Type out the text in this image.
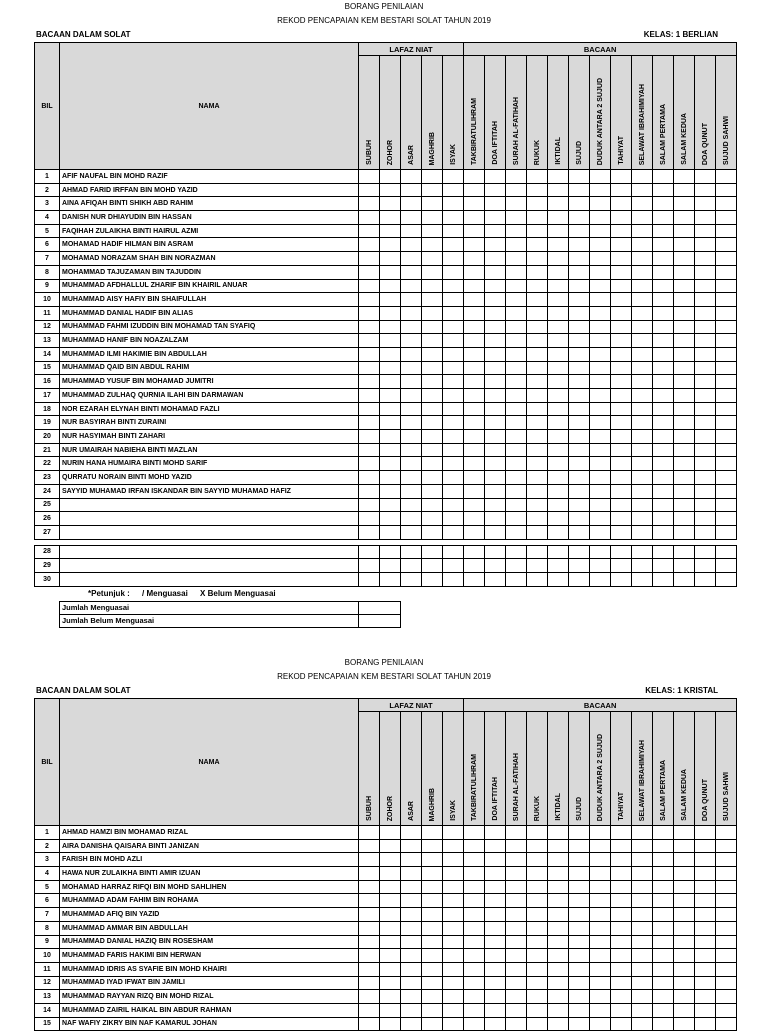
BORANG PENILAIAN
REKOD PENCAPAIAN KEM BESTARI SOLAT TAHUN 2019
BACAAN DALAM SOLAT	KELAS: 1 BERLIAN
BIL	NAMA	LAFAZ NIAT					BACAAN												
		SUBUH	ZOHOR	ASAR	MAGHRIB	ISYAK	TAKBIRATULIHRAM	DOA IFTITAH	SURAH AL-FATIHAH	RUKUK	IKTIDAL	SUJUD	DUDUK ANTARA 2 SUJUD	TAHIYAT	SELAWAT IBRAHIMIYAH	SALAM PERTAMA	SALAM KEDUA	DOA QUNUT	SUJUD SAHWI
1	AFIF NAUFAL BIN MOHD RAZIF																		
2	AHMAD FARID IRFFAN BIN MOHD YAZID																		
3	AINA AFIQAH BINTI SHIKH ABD RAHIM																		
4	DANISH NUR DHIAYUDIN BIN HASSAN																		
5	FAQIHAH ZULAIKHA BINTI HAIRUL AZMI																		
6	MOHAMAD HADIF HILMAN BIN ASRAM																		
7	MOHAMAD NORAZAM SHAH BIN NORAZMAN																		
8	MOHAMMAD TAJUZAMAN BIN TAJUDDIN																		
9	MUHAMMAD AFDHALLUL ZHARIF BIN KHAIRIL ANUAR																		
10	MUHAMMAD AISY HAFIY BIN SHAIFULLAH																		
11	MUHAMMAD DANIAL HADIF BIN ALIAS																		
12	MUHAMMAD FAHMI IZUDDIN BIN MOHAMAD TAN SYAFIQ																		
13	MUHAMMAD HANIF BIN NOAZALZAM																		
14	MUHAMMAD ILMI HAKIMIE BIN ABDULLAH																		
15	MUHAMMAD QAID BIN ABDUL RAHIM																		
16	MUHAMMAD YUSUF BIN MOHAMAD JUMITRI																		
17	MUHAMMAD ZULHAQ QURNIA ILAHI BIN DARMAWAN																		
18	NOR EZARAH ELYNAH BINTI MOHAMAD FAZLI																		
19	NUR BASYIRAH BINTI ZURAINI																		
20	NUR HASYIMAH BINTI ZAHARI																		
21	NUR UMAIRAH NABIEHA BINTI MAZLAN																		
22	NURIN HANA HUMAIRA BINTI MOHD SARIF																		
23	QURRATU NORAIN BINTI MOHD YAZID																		
24	SAYYID MUHAMAD IRFAN ISKANDAR BIN SAYYID MUHAMAD HAFIZ																		
25																			
26																			
27																			

28																			
29																			
30																			
*Petunjuk : / Menguasai X Belum Menguasai
Jumlah Menguasai	
Jumlah Belum Menguasai	
BORANG PENILAIAN
REKOD PENCAPAIAN KEM BESTARI SOLAT TAHUN 2019
BACAAN DALAM SOLAT	KELAS: 1 KRISTAL
BIL	NAMA	LAFAZ NIAT					BACAAN												
		SUBUH	ZOHOR	ASAR	MAGHRIB	ISYAK	TAKBIRATULIHRAM	DOA IFTITAH	SURAH AL-FATIHAH	RUKUK	IKTIDAL	SUJUD	DUDUK ANTARA 2 SUJUD	TAHIYAT	SELAWAT IBRAHIMIYAH	SALAM PERTAMA	SALAM KEDUA	DOA QUNUT	SUJUD SAHWI
1	AHMAD HAMZI BIN MOHAMAD RIZAL																		
2	AIRA DANISHA QAISARA BINTI JANIZAN																		
3	FARISH BIN MOHD AZLI																		
4	HAWA NUR ZULAIKHA BINTI AMIR IZUAN																		
5	MOHAMAD HARRAZ RIFQI BIN MOHD SAHLIHEN																		
6	MUHAMMAD ADAM FAHIM BIN ROHAMA																		
7	MUHAMMAD AFIQ BIN YAZID																		
8	MUHAMMAD AMMAR BIN ABDULLAH																		
9	MUHAMMAD DANIAL HAZIQ BIN ROSESHAM																		
10	MUHAMMAD FARIS HAKIMI BIN HERWAN																		
11	MUHAMMAD IDRIS AS SYAFIE BIN MOHD KHAIRI																		
12	MUHAMMAD IYAD IFWAT BIN JAMILI																		
13	MUHAMMAD RAYYAN RIZQ BIN MOHD RIZAL																		
14	MUHAMMAD ZAIRIL HAIKAL BIN ABDUR RAHMAN																		
15	NAF WAFIY ZIKRY BIN NAF KAMARUL JOHAN																		
